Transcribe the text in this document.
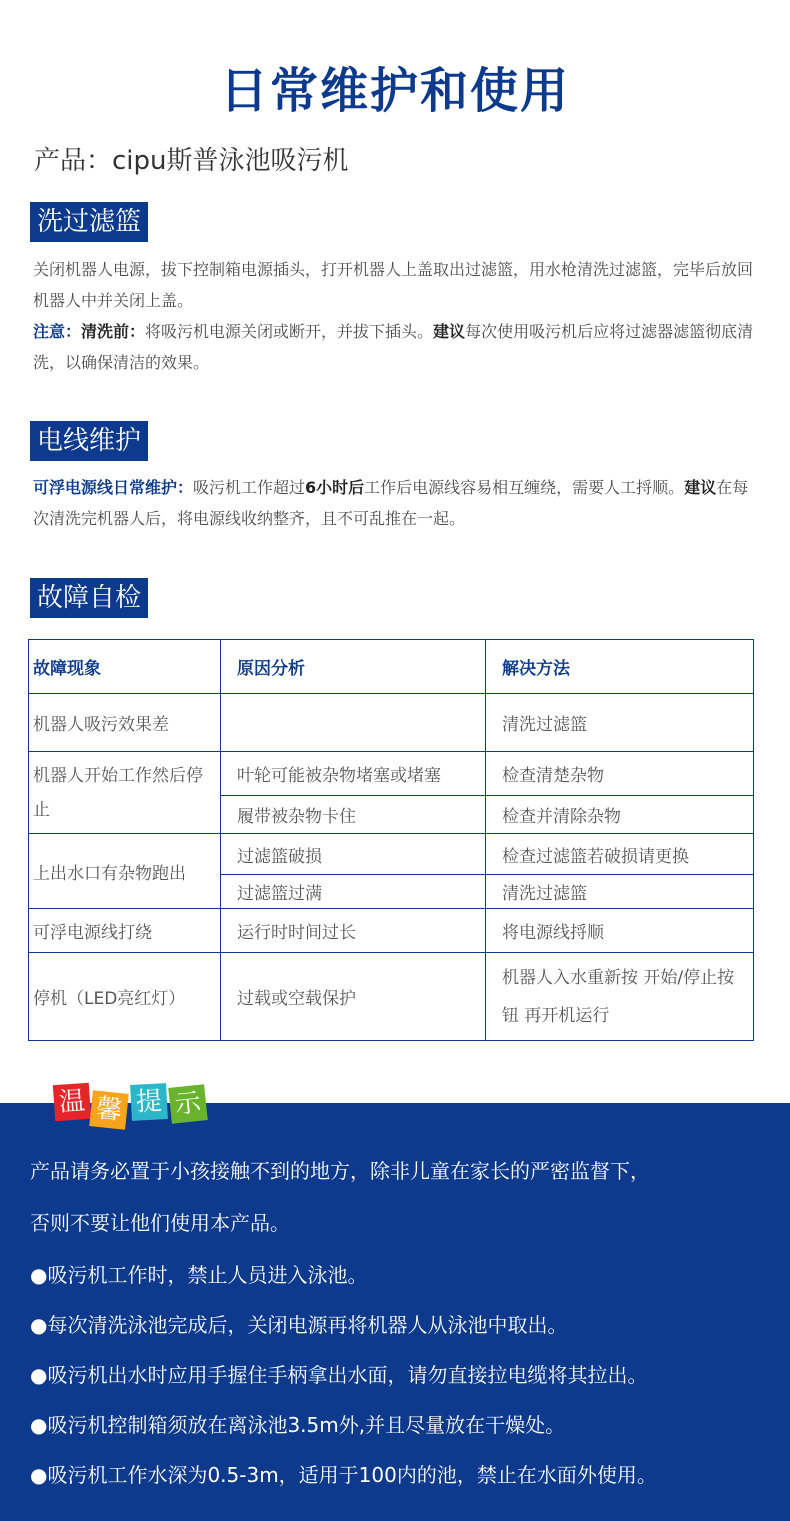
日常维护和使用
产品：cipu斯普泳池吸污机
洗过滤篮
关闭机器人电源，拔下控制箱电源插头，打开机器人上盖取出过滤篮，用水枪清洗过滤篮，完毕后放回机器人中并关闭上盖。
注意：清洗前：将吸污机电源关闭或断开，并拔下插头。建议每次使用吸污机后应将过滤器滤篮彻底清洗，以确保清洁的效果。
电线维护
可浮电源线日常维护：吸污机工作超过6小时后工作后电源线容易相互缠绕，需要人工捋顺。建议在每次清洗完机器人后，将电源线收纳整齐，且不可乱推在一起。
故障自检
故障现象	原因分析	解决方法
机器人吸污效果差		清洗过滤篮
机器人开始工作然后停止	叶轮可能被杂物堵塞或堵塞	检查清楚杂物
	履带被杂物卡住	检查并清除杂物
上出水口有杂物跑出	过滤篮破损	检查过滤篮若破损请更换
	过滤篮过满	清洗过滤篮
可浮电源线打绕	运行时时间过长	将电源线捋顺
停机（LED亮红灯）	过载或空载保护	机器人入水重新按 开始/停止按钮 再开机运行
温 馨 提 示
产品请务必置于小孩接触不到的地方，除非儿童在家长的严密监督下，
否则不要让他们使用本产品。
●吸污机工作时，禁止人员进入泳池。
●每次清洗泳池完成后，关闭电源再将机器人从泳池中取出。
●吸污机出水时应用手握住手柄拿出水面，请勿直接拉电缆将其拉出。
●吸污机控制箱须放在离泳池3.5m外,并且尽量放在干燥处。
●吸污机工作水深为0.5-3m，适用于100内的池，禁止在水面外使用。
